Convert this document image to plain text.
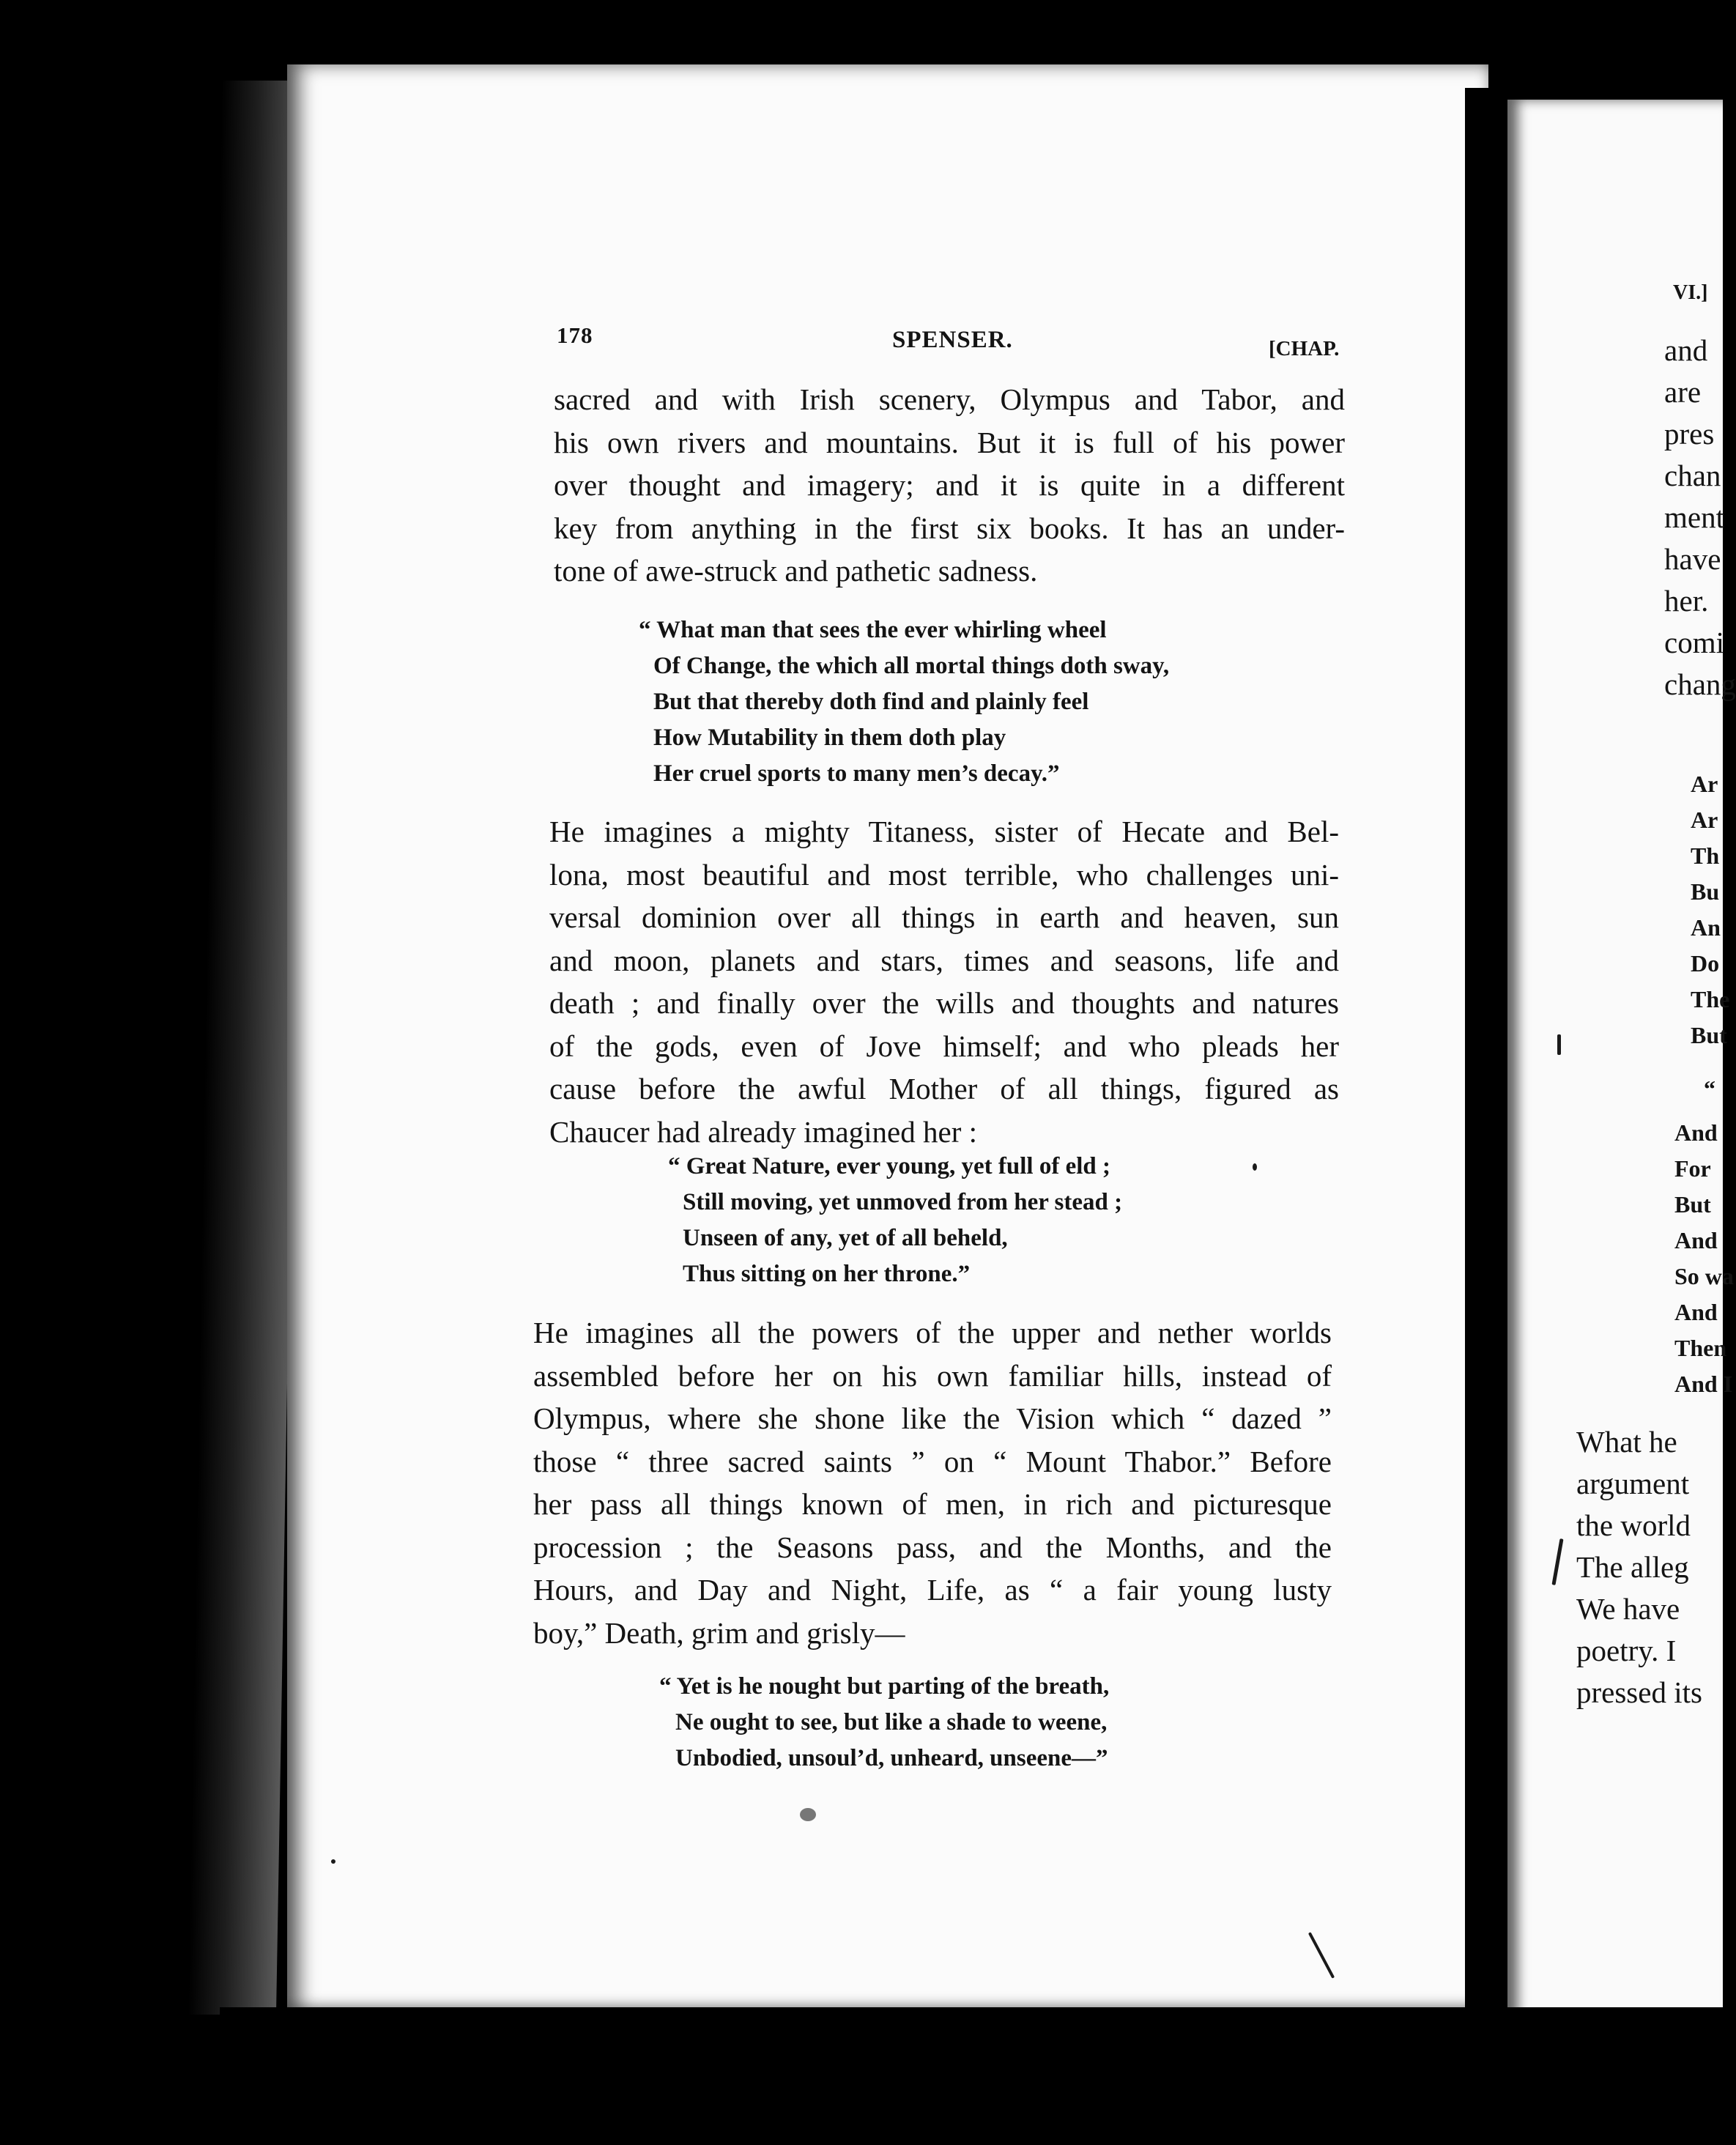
178	SPENSER.	[CHAP.
sacred and with Irish scenery, Olympus and Tabor, and
his own rivers and mountains. But it is full of his power
over thought and imagery; and it is quite in a different
key from anything in the first six books. It has an under-
tone of awe-struck and pathetic sadness.
“ What man that sees the ever whirling wheel
Of Change, the which all mortal things doth sway,
But that thereby doth find and plainly feel
How Mutability in them doth play
Her cruel sports to many men’s decay.”
He imagines a mighty Titaness, sister of Hecate and Bel-
lona, most beautiful and most terrible, who challenges uni-
versal dominion over all things in earth and heaven, sun
and moon, planets and stars, times and seasons, life and
death ; and finally over the wills and thoughts and natures
of the gods, even of Jove himself; and who pleads her
cause before the awful Mother of all things, figured as
Chaucer had already imagined her :
“ Great Nature, ever young, yet full of eld ;
Still moving, yet unmoved from her stead ;
Unseen of any, yet of all beheld,
Thus sitting on her throne.”
He imagines all the powers of the upper and nether worlds
assembled before her on his own familiar hills, instead of
Olympus, where she shone like the Vision which “ dazed ”
those “ three sacred saints ” on “ Mount Thabor.” Before
her pass all things known of men, in rich and picturesque
procession ; the Seasons pass, and the Months, and the
Hours, and Day and Night, Life, as “ a fair young lusty
boy,” Death, grim and grisly—
“ Yet is he nought but parting of the breath,
Ne ought to see, but like a shade to weene,
Unbodied, unsoul’d, unheard, unseene—”
VI.]
and
are
pres
chan
ment
have
her.
comi
chang
Ar
Ar
Th
Bu
An
Do
The
But
“
And
For
But
And
So wa
And
Then
And I
What he
argument
the world
The alleg
We have
poetry. I
pressed its
